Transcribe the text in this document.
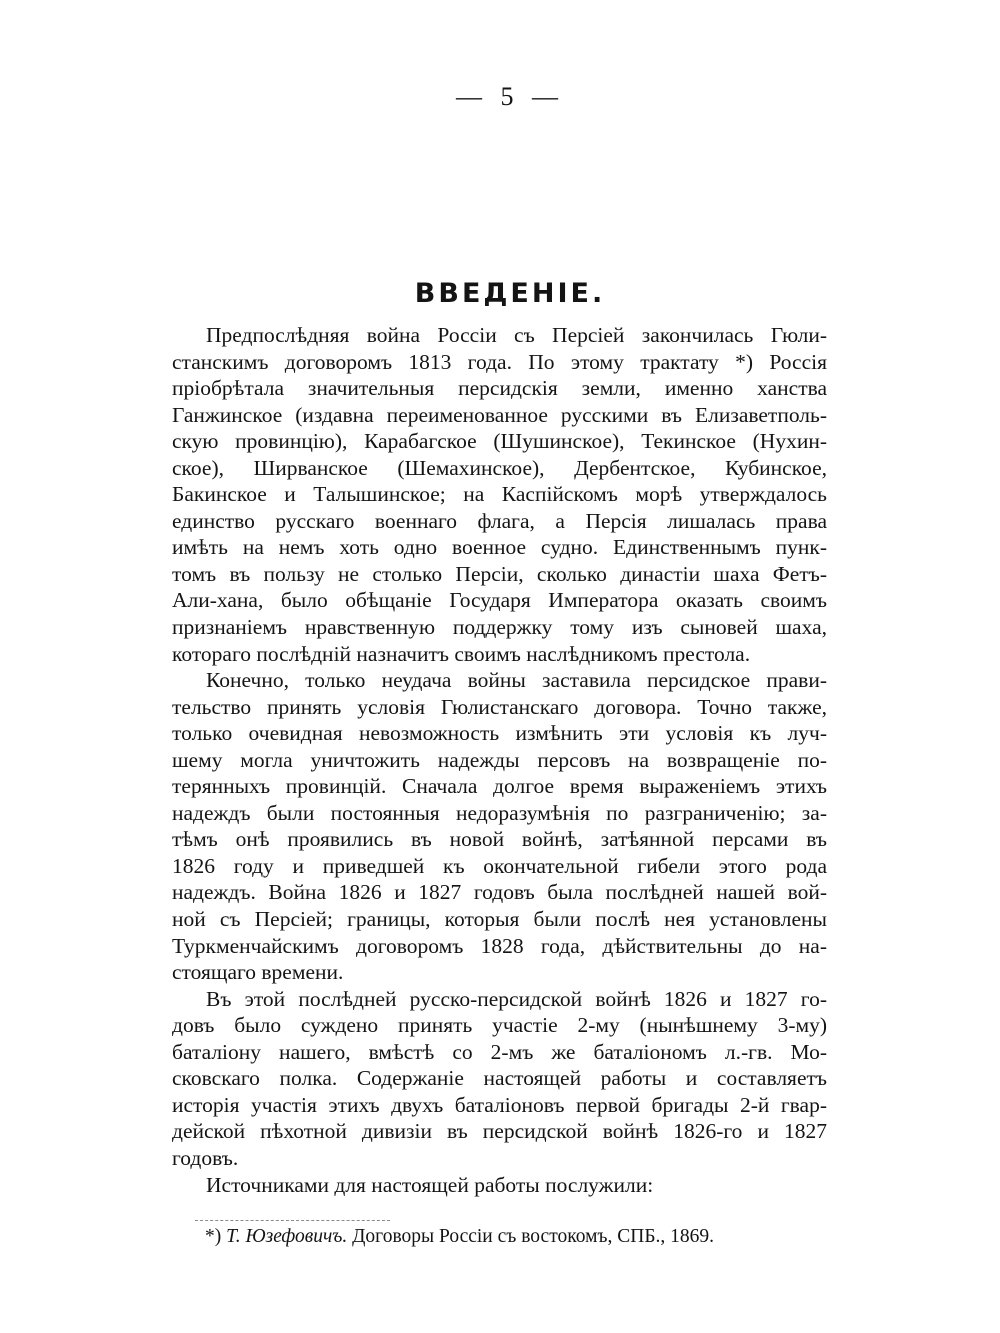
— 5 —
ВВЕДЕНІЕ.
Предпослѣдняя война Россіи съ Персіей закончилась Гюли-
станскимъ договоромъ 1813 года. По этому трактату *) Россія
пріобрѣтала значительныя персидскія земли, именно ханства
Ганжинское (издавна переименованное русскими въ Елизаветполь-
скую провинцію), Карабагское (Шушинское), Текинское (Нухин-
ское), Ширванское (Шемахинское), Дербентское, Кубинское,
Бакинское и Талышинское; на Каспійскомъ морѣ утверждалось
единство русскаго военнаго флага, а Персія лишалась права
имѣть на немъ хоть одно военное судно. Единственнымъ пунк-
томъ въ пользу не столько Персіи, сколько династіи шаха Фетъ-
Али-хана, было обѣщаніе Государя Императора оказать своимъ
признаніемъ нравственную поддержку тому изъ сыновей шаха,
котораго послѣдній назначитъ своимъ наслѣдникомъ престола.
Конечно, только неудача войны заставила персидское прави-
тельство принять условія Гюлистанскаго договора. Точно также,
только очевидная невозможность измѣнить эти условія къ луч-
шему могла уничтожить надежды персовъ на возвращеніе по-
терянныхъ провинцій. Сначала долгое время выраженіемъ этихъ
надеждъ были постоянныя недоразумѣнія по разграниченію; за-
тѣмъ онѣ проявились въ новой войнѣ, затѣянной персами въ
1826 году и приведшей къ окончательной гибели этого рода
надеждъ. Война 1826 и 1827 годовъ была послѣдней нашей вой-
ной съ Персіей; границы, которыя были послѣ нея установлены
Туркменчайскимъ договоромъ 1828 года, дѣйствительны до на-
стоящаго времени.
Въ этой послѣдней русско-персидской войнѣ 1826 и 1827 го-
довъ было суждено принять участіе 2-му (нынѣшнему 3-му)
баталіону нашего, вмѣстѣ со 2-мъ же баталіономъ л.-гв. Мо-
сковскаго полка. Содержаніе настоящей работы и составляетъ
исторія участія этихъ двухъ баталіоновъ первой бригады 2-й гвар-
дейской пѣхотной дивизіи въ персидской войнѣ 1826-го и 1827
годовъ.
Источниками для настоящей работы послужили:
*) Т. Юзефовичъ. Договоры Россіи съ востокомъ, СПБ., 1869.
